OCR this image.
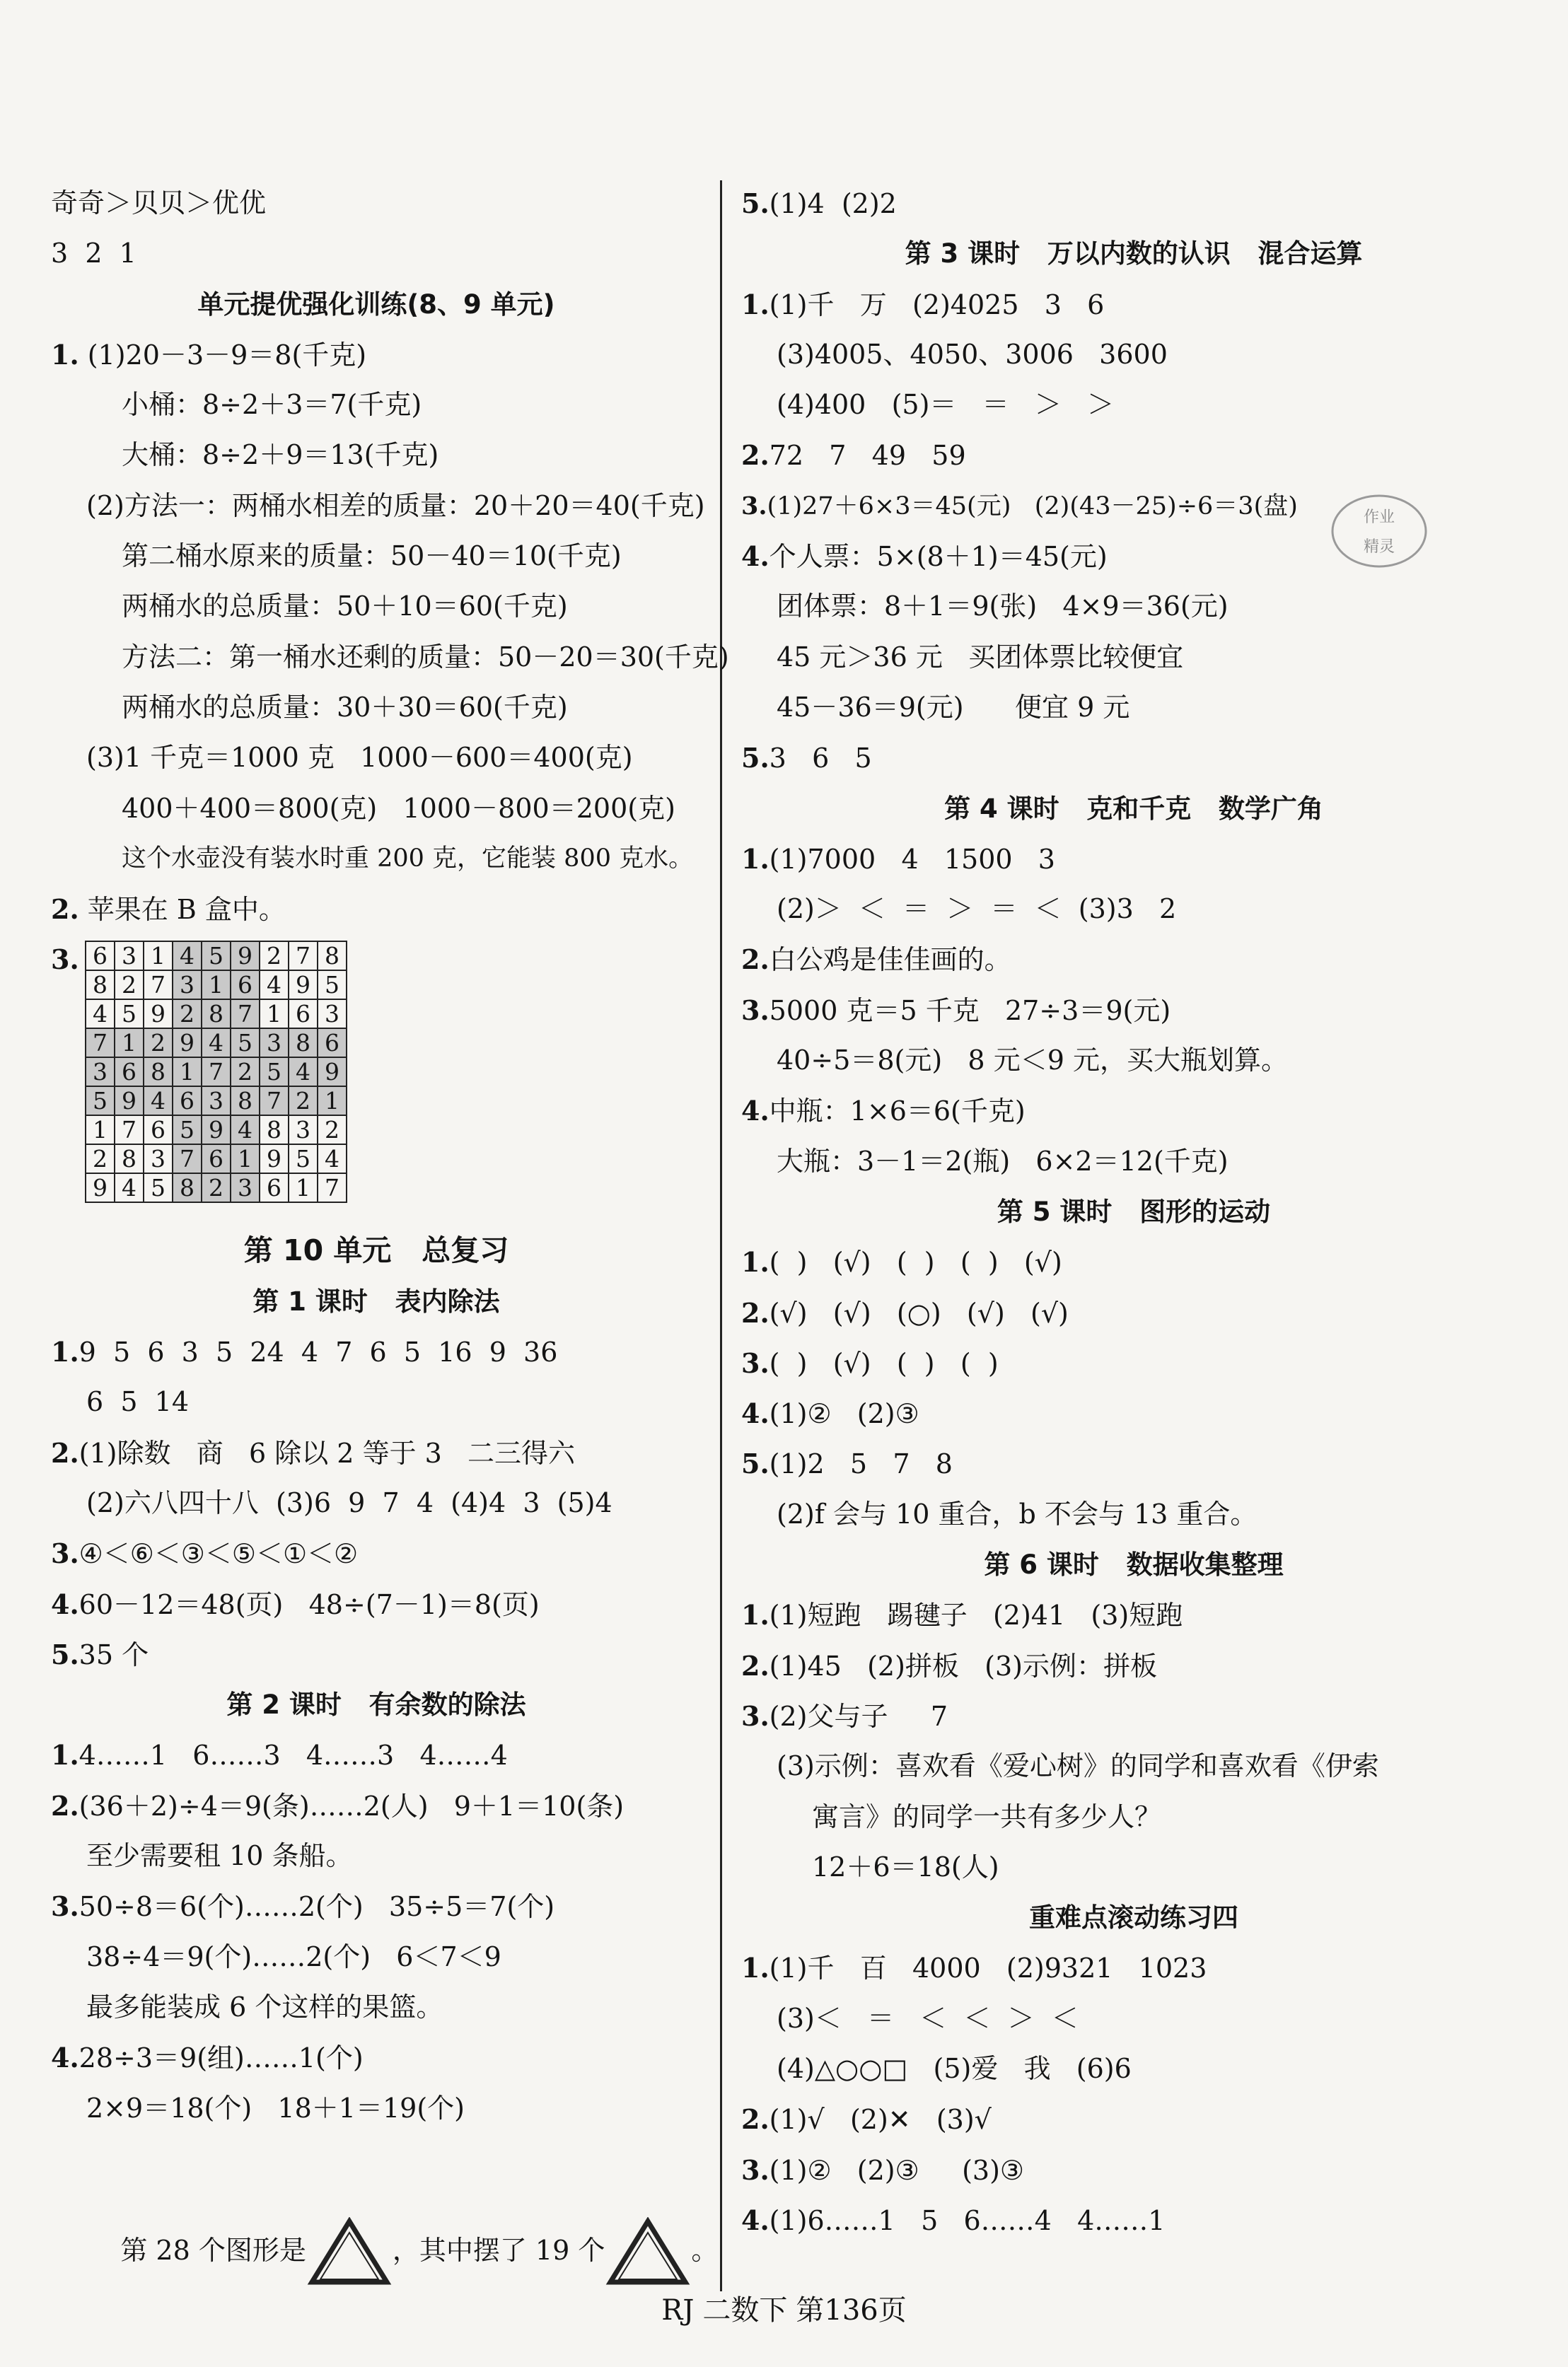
奇奇＞贝贝＞优优
3  2  1
单元提优强化训练(8、9 单元)
1. (1)20－3－9＝8(千克)
小桶：8÷2＋3＝7(千克)
大桶：8÷2＋9＝13(千克)
(2)方法一：两桶水相差的质量：20＋20＝40(千克)
第二桶水原来的质量：50－40＝10(千克)
两桶水的总质量：50＋10＝60(千克)
方法二：第一桶水还剩的质量：50－20＝30(千克)
两桶水的总质量：30＋30＝60(千克)
(3)1 千克＝1000 克   1000－600＝400(克)
400＋400＝800(克)   1000－800＝200(克)
这个水壶没有装水时重 200 克，它能装 800 克水。
2. 苹果在 B 盒中。
3. 6	3	1	4	5	9	2	7	8
8	2	7	3	1	6	4	9	5
4	5	9	2	8	7	1	6	3
7	1	2	9	4	5	3	8	6
3	6	8	1	7	2	5	4	9
5	9	4	6	3	8	7	2	1
1	7	6	5	9	4	8	3	2
2	8	3	7	6	1	9	5	4
9	4	5	8	2	3	6	1	7
第 10 单元   总复习
第 1 课时   表内除法
1.9  5  6  3  5  24  4  7  6  5  16  9  36
6  5  14
2.(1)除数   商   6 除以 2 等于 3   二三得六
(2)六八四十八  (3)6  9  7  4  (4)4  3  (5)4
3.④＜⑥＜③＜⑤＜①＜②
4.60－12＝48(页)   48÷(7－1)＝8(页)
5.35 个
第 2 课时   有余数的除法
1.4……1   6……3   4……3   4……4
2.(36＋2)÷4＝9(条)……2(人)   9＋1＝10(条)
至少需要租 10 条船。
3.50÷8＝6(个)……2(个)   35÷5＝7(个)
38÷4＝9(个)……2(个)   6＜7＜9
最多能装成 6 个这样的果篮。
4.28÷3＝9(组)……1(个)
2×9＝18(个)   18＋1＝19(个)

第 28 个图形是	，其中摆了 19 个	。

5.(1)4  (2)2
第 3 课时   万以内数的认识   混合运算
1.(1)千   万   (2)4025   3   6
(3)4005、4050、3006   3600
(4)400   (5)＝   ＝   ＞   ＞
2.72   7   49   59
3.(1)27＋6×3＝45(元)   (2)(43－25)÷6＝3(盘)
4.个人票：5×(8＋1)＝45(元)
团体票：8＋1＝9(张)   4×9＝36(元)
45 元＞36 元   买团体票比较便宜
45－36＝9(元)      便宜 9 元
5.3   6   5
第 4 课时   克和千克   数学广角
1.(1)7000   4   1500   3
(2)＞  ＜  ＝  ＞  ＝  ＜  (3)3   2
2.白公鸡是佳佳画的。
3.5000 克＝5 千克   27÷3＝9(元)
40÷5＝8(元)   8 元＜9 元，买大瓶划算。
4.中瓶：1×6＝6(千克)
大瓶：3－1＝2(瓶)   6×2＝12(千克)
第 5 课时   图形的运动
1.(  )   (√)   (  )   (  )   (√)
2.(√)   (√)   (○)   (√)   (√)
3.(  )   (√)   (  )   (  )
4.(1)②   (2)③
5.(1)2   5   7   8
(2)f 会与 10 重合，b 不会与 13 重合。
第 6 课时   数据收集整理
1.(1)短跑   踢毽子   (2)41   (3)短跑
2.(1)45   (2)拼板   (3)示例：拼板
3.(2)父与子     7
(3)示例：喜欢看《爱心树》的同学和喜欢看《伊索
寓言》的同学一共有多少人？
12＋6＝18(人)
重难点滚动练习四
1.(1)千   百   4000   (2)9321   1023
(3)＜   ＝   ＜  ＜  ＞  ＜
(4)△○○□   (5)爱   我   (6)6
2.(1)√   (2)✕   (3)√
3.(1)②   (2)③     (3)③
4.(1)6……1   5   6……4   4……1
作业
精灵
RJ 二数下 第136页
